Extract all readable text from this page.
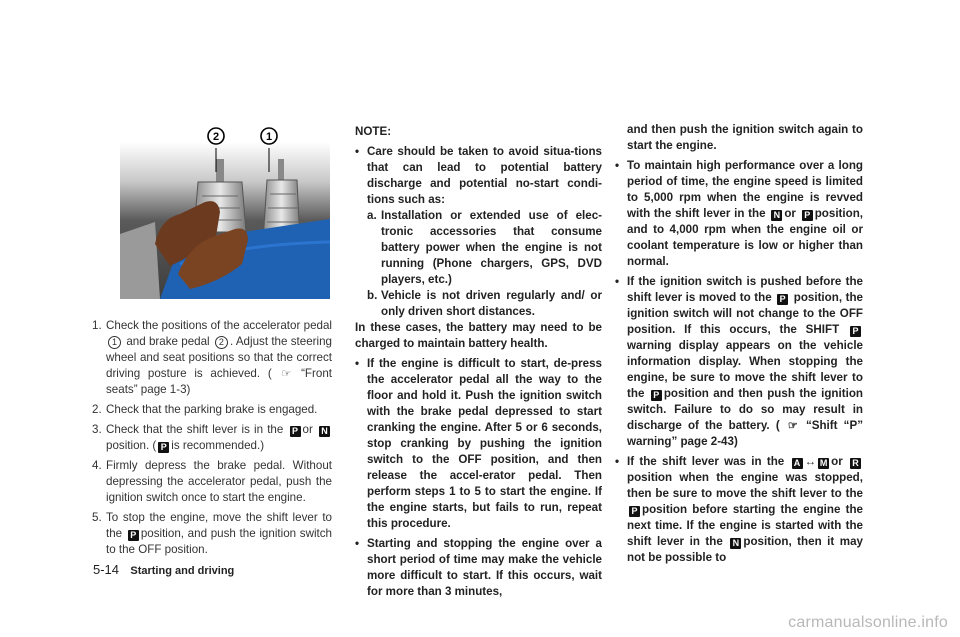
2	1
1. Check the positions of the accelerator pedal 1 and brake pedal 2 . Adjust the steering wheel and seat positions so that the correct driving posture is achieved. ( ☞ “Front seats” page 1-3)
2. Check that the parking brake is engaged.
3. Check that the shift lever is in the P or N position. ( P is recommended.)
4. Firmly depress the brake pedal. Without depressing the accelerator pedal, push the ignition switch once to start the engine.
5. To stop the engine, move the shift lever to the P position, and push the ignition switch to the OFF position.
NOTE:
• Care should be taken to avoid situa-tions that can lead to potential battery discharge and potential no-start condi-tions such as:
a. Installation or extended use of elec-tronic accessories that consume battery power when the engine is not running (Phone chargers, GPS, DVD players, etc.)
b. Vehicle is not driven regularly and/ or only driven short distances.
In these cases, the battery may need to be charged to maintain battery health.
• If the engine is difficult to start, de-press the accelerator pedal all the way to the floor and hold it. Push the ignition switch with the brake pedal depressed to start cranking the engine. After 5 or 6 seconds, stop cranking by pushing the ignition switch to the OFF position, and then release the accel-erator pedal. Then perform steps 1 to 5 to start the engine. If the engine starts, but fails to run, repeat this procedure.
• Starting and stopping the engine over a short period of time may make the vehicle more difficult to start. If this occurs, wait for more than 3 minutes,
and then push the ignition switch again to start the engine.
• To maintain high performance over a long period of time, the engine speed is limited to 5,000 rpm when the engine is revved with the shift lever in the N or P position, and to 4,000 rpm when the engine oil or coolant temperature is low or higher than normal.
• If the ignition switch is pushed before the shift lever is moved to the P position, the ignition switch will not change to the OFF position. If this occurs, the SHIFT Pwarning display appears on the vehicle information display. When stopping the engine, be sure to move the shift lever to the P position and then push the ignition switch. Failure to do so may result in discharge of the battery. ( ☞ “Shift “P” warning” page 2-43)
• If the shift lever was in the A ↔ M or R position when the engine was stopped, then be sure to move the shift lever to the P position before starting the engine the next time. If the engine is started with the shift lever in the N position, then it may not be possible to
5-14 Starting and driving
carmanualsonline.info
